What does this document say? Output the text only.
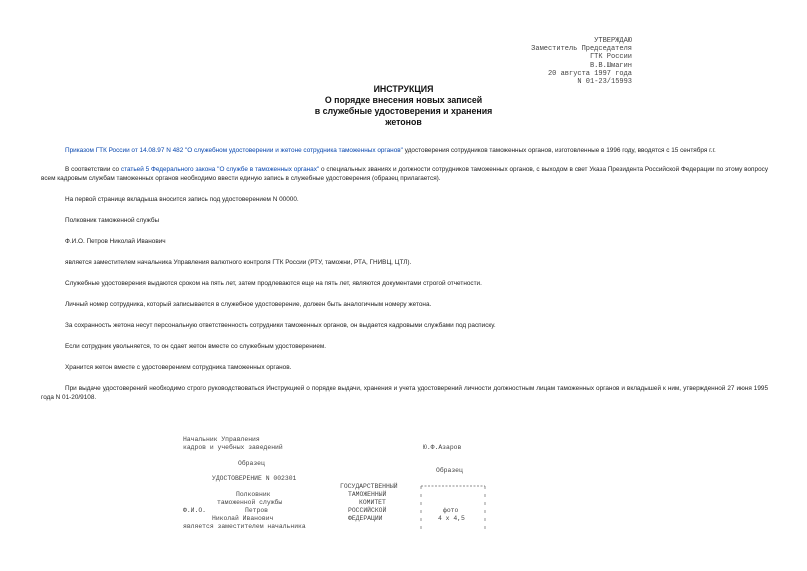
УТВЕРЖДАЮ
Заместитель Председателя
ГТК России
В.В.Шмагин
20 августа 1997 года
N 01-23/15993
ИНСТРУКЦИЯ
О порядке внесения новых записей
в служебные удостоверения и хранения
жетонов

Приказом ГТК России от 14.08.97 N 482 "О служебном удостоверении и жетоне сотрудника таможенных органов" удостоверения сотрудников таможенных органов, изготовленные в 1996 году, вводятся с 15 сентября г.г.

В соответствии со статьей 5 Федерального закона "О службе в таможенных органах" о специальных званиях и должности сотрудников таможенных органов, с выходом в свет Указа Президента Российской Федерации по этому вопросу всем кадровым службам таможенных органов необходимо ввести единую запись в служебные удостоверения (образец прилагается).

На первой странице вкладыша вносится запись под удостоверением N 00000.

Полковник таможенной службы

Ф.И.О. Петров Николай Иванович

является заместителем начальника Управления валютного контроля ГТК России (РТУ, таможни, РТА, ГНИВЦ, ЦТЛ).

Служебные удостоверения выдаются сроком на пять лет, затем продлеваются еще на пять лет, являются документами строгой отчетности.

Личный номер сотрудника, который записывается в служебное удостоверение, должен быть аналогичным номеру жетона.

За сохранность жетона несут персональную ответственность сотрудники таможенных органов, он выдается кадровыми службами под расписку.

Если сотрудник увольняется, то он сдает жетон вместе со служебным удостоверением.

Хранится жетон вместе с удостоверением сотрудника таможенных органов.

При выдаче удостоверений необходимо строго руководствоваться Инструкцией о порядке выдачи, хранения и учета удостоверений личности должностным лицам таможенных органов и вкладышей к ним, утвержденной 27 июня 1995 года N 01-20/9108.

Начальник Управления
кадров и учебных заведений	Ю.Ф.Азаров
Образец
Образец
УДОСТОВЕРЕНИЕ N 002301
Полковник
таможенной службы
Ф.И.О.	Петров
Николай Иванович
является заместителем начальника
ГОСУДАРСТВЕННЫЙ
ТАМОЖЕННЫЙ
КОМИТЕТ
РОССИЙСКОЙ
ФЕДЕРАЦИИ
фото
4 х 4,5
